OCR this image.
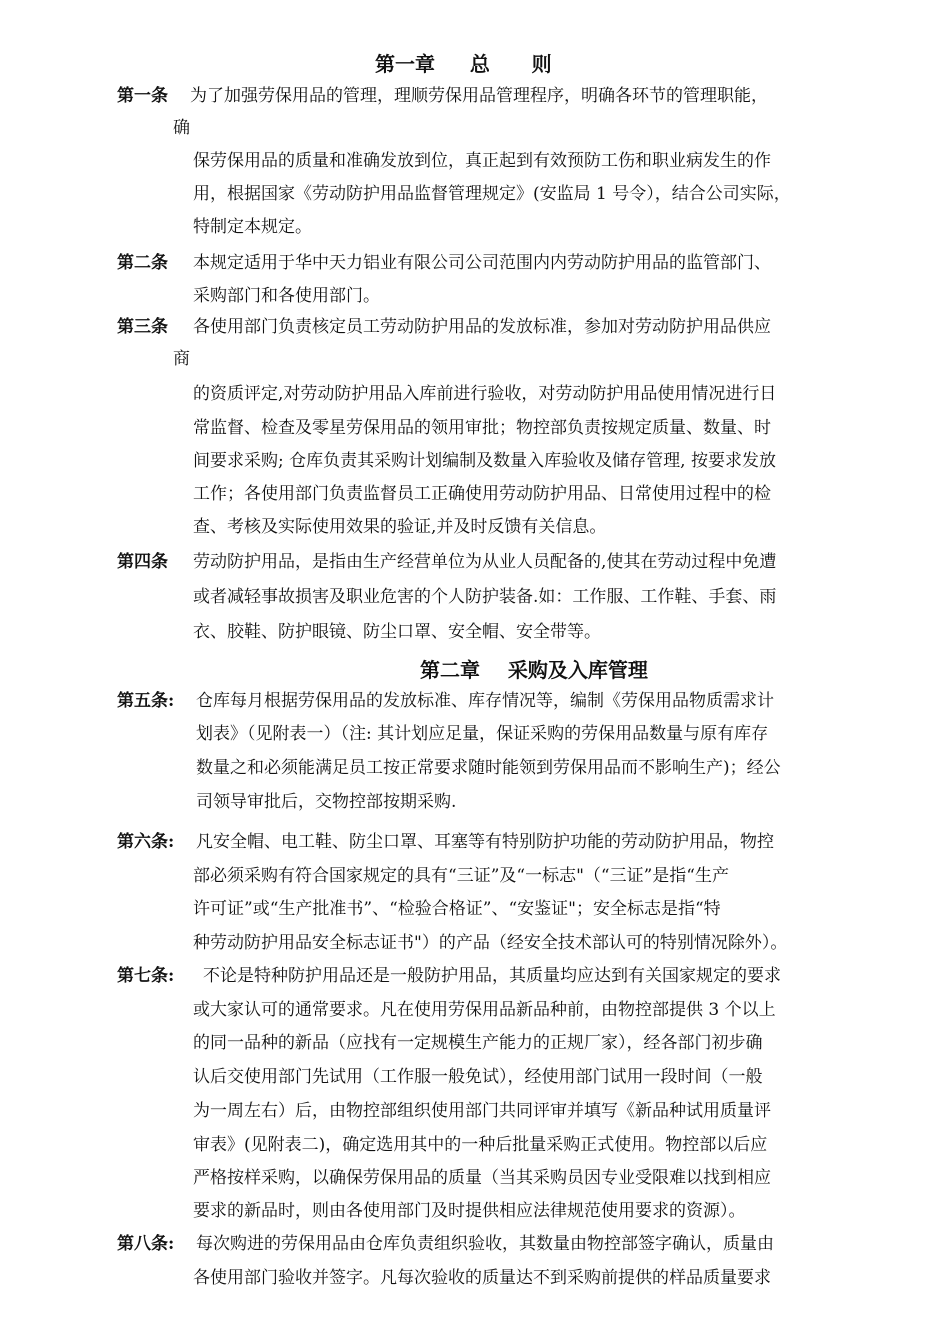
第一章     总      则
第一条 为了加强劳保用品的管理，理顺劳保用品管理程序，明确各环节的管理职能，
确
保劳保用品的质量和准确发放到位，真正起到有效预防工伤和职业病发生的作
用，根据国家《劳动防护用品监督管理规定》(安监局 1 号令），结合公司实际，
特制定本规定。
第二条 本规定适用于华中天力铝业有限公司公司范围内内劳动防护用品的监管部门、
采购部门和各使用部门。
第三条 各使用部门负责核定员工劳动防护用品的发放标准，参加对劳动防护用品供应
商
的资质评定,对劳动防护用品入库前进行验收，对劳动防护用品使用情况进行日
常监督、检查及零星劳保用品的领用审批；物控部负责按规定质量、数量、时
间要求采购; 仓库负责其采购计划编制及数量入库验收及储存管理, 按要求发放
工作；各使用部门负责监督员工正确使用劳动防护用品、日常使用过程中的检
查、考核及实际使用效果的验证,并及时反馈有关信息。
第四条 劳动防护用品，是指由生产经营单位为从业人员配备的,使其在劳动过程中免遭
或者减轻事故损害及职业危害的个人防护装备.如：工作服、工作鞋、手套、雨
衣、胶鞋、防护眼镜、防尘口罩、安全帽、安全带等。
第二章    采购及入库管理
第五条: 仓库每月根据劳保用品的发放标准、库存情况等，编制《劳保用品物质需求计
划表》（见附表一）（注: 其计划应足量，保证采购的劳保用品数量与原有库存
数量之和必须能满足员工按正常要求随时能领到劳保用品而不影响生产)；经公
司领导审批后，交物控部按期采购.
第六条: 凡安全帽、电工鞋、防尘口罩、耳塞等有特别防护功能的劳动防护用品，物控
部必须采购有符合国家规定的具有“三证”及“一标志"（“三证”是指“生产
许可证”或“生产批准书”、“检验合格证”、“安鉴证"；安全标志是指“特
种劳动防护用品安全标志证书"）的产品（经安全技术部认可的特别情况除外）。
第七条: 不论是特种防护用品还是一般防护用品，其质量均应达到有关国家规定的要求
或大家认可的通常要求。凡在使用劳保用品新品种前，由物控部提供 3 个以上
的同一品种的新品（应找有一定规模生产能力的正规厂家），经各部门初步确
认后交使用部门先试用（工作服一般免试），经使用部门试用一段时间（一般
为一周左右）后，由物控部组织使用部门共同评审并填写《新品种试用质量评
审表》(见附表二)，确定选用其中的一种后批量采购正式使用。物控部以后应
严格按样采购，以确保劳保用品的质量（当其采购员因专业受限难以找到相应
要求的新品时，则由各使用部门及时提供相应法律规范使用要求的资源）。
第八条: 每次购进的劳保用品由仓库负责组织验收，其数量由物控部签字确认，质量由
各使用部门验收并签字。凡每次验收的质量达不到采购前提供的样品质量要求
